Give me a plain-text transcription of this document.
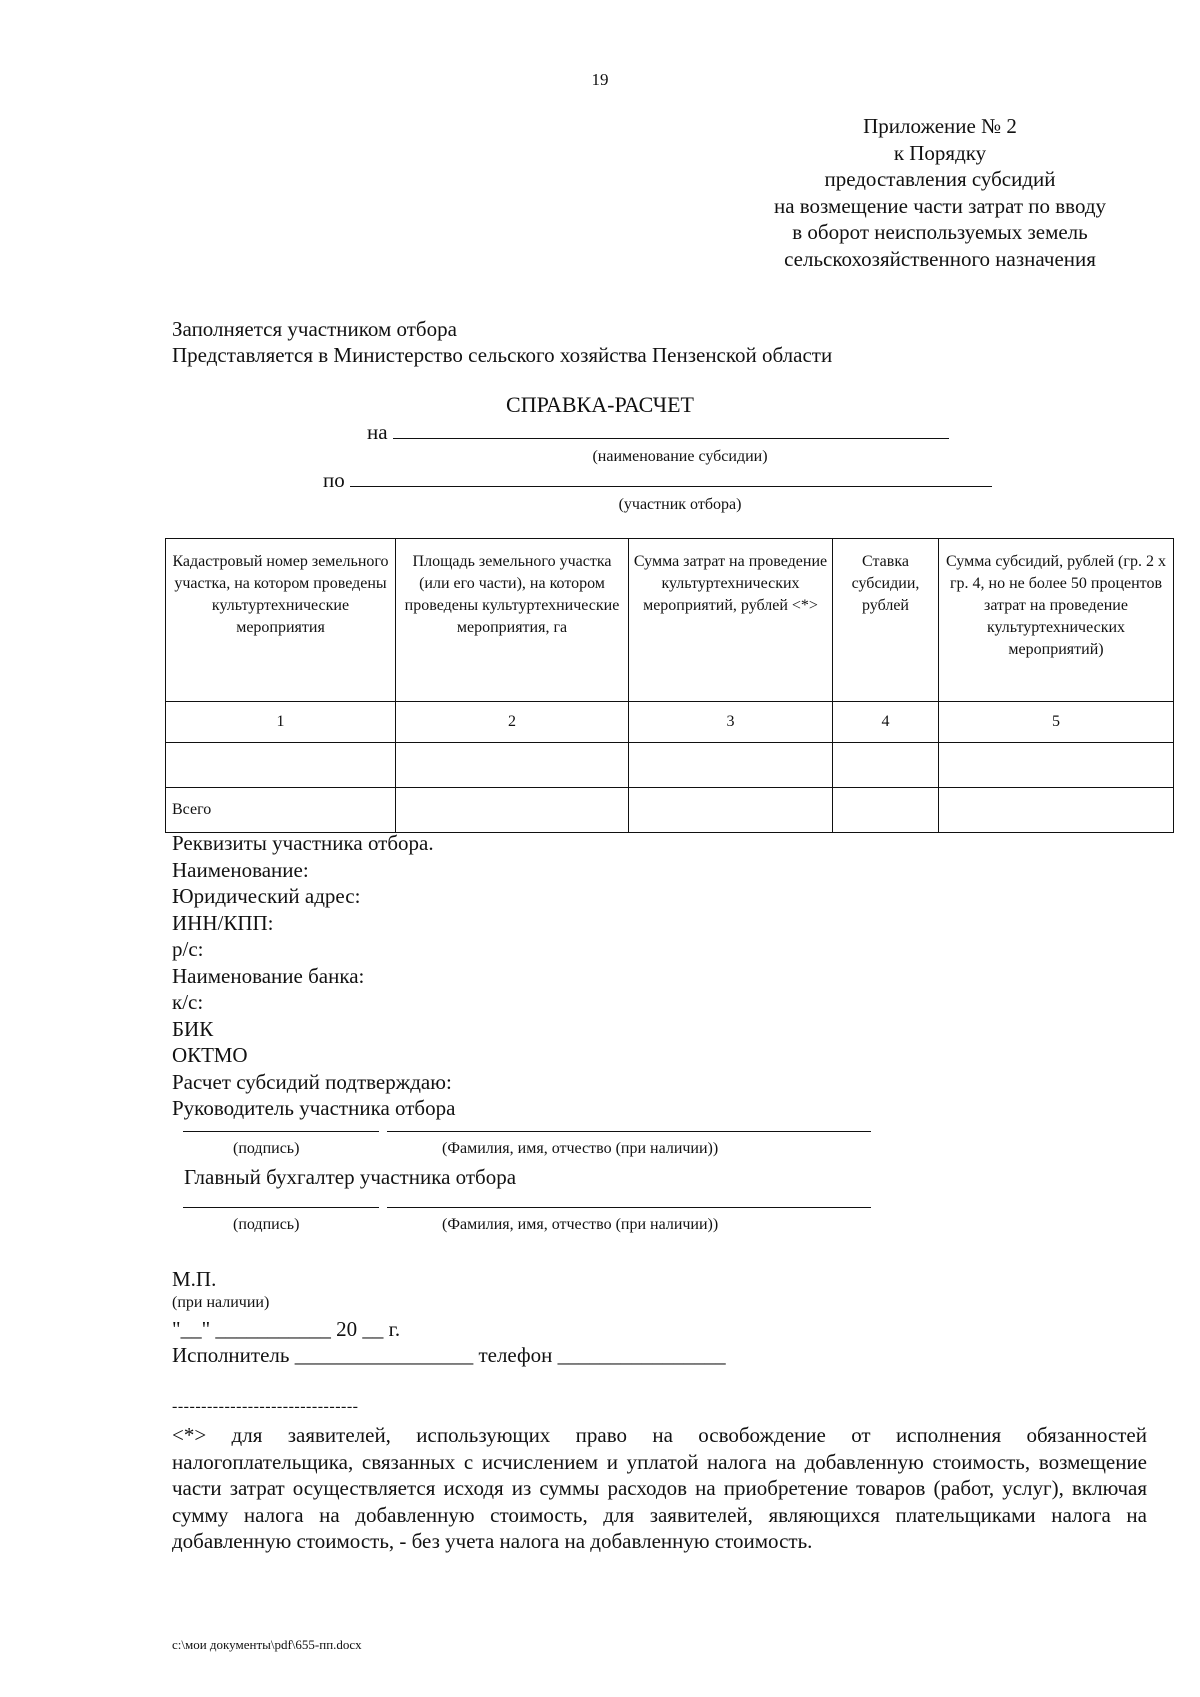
19
Приложение № 2
к Порядку
предоставления субсидий
на возмещение части затрат по вводу
в оборот неиспользуемых земель
сельскохозяйственного назначения
Заполняется участником отбора
Представляется в Министерство сельского хозяйства Пензенской области
СПРАВКА-РАСЧЕТ
на
(наименование субсидии)
по
(участник отбора)
Кадастровый номер земельного участка, на котором проведены культуртехнические мероприятия	Площадь земельного участка (или его части), на котором проведены культуртехнические мероприятия, га	Сумма затрат на проведение культуртехнических мероприятий, рублей <*>	Ставка субсидии, рублей	Сумма субсидий, рублей (гр. 2 x гр. 4, но не более 50 процентов затрат на проведение культуртехнических мероприятий)
1	2	3	4	5

Всего				
Реквизиты участника отбора.
Наименование:
Юридический адрес:
ИНН/КПП:
р/с:
Наименование банка:
к/с:
БИК
ОКТМО
Расчет субсидий подтверждаю:
Руководитель участника отбора
(подпись)	(Фамилия, имя, отчество (при наличии))
Главный бухгалтер участника отбора
(подпись)	(Фамилия, имя, отчество (при наличии))
М.П.
(при наличии)
"__" ___________ 20 __ г.
Исполнитель _________________ телефон ________________
--------------------------------
<*> для заявителей, использующих право на освобождение от исполнения обязанностей налогоплательщика, связанных с исчислением и уплатой налога на добавленную стоимость, возмещение части затрат осуществляется исходя из суммы расходов на приобретение товаров (работ, услуг), включая сумму налога на добавленную стоимость, для заявителей, являющихся плательщиками налога на добавленную стоимость, - без учета налога на добавленную стоимость.
c:\мои документы\pdf\655-пп.docx
